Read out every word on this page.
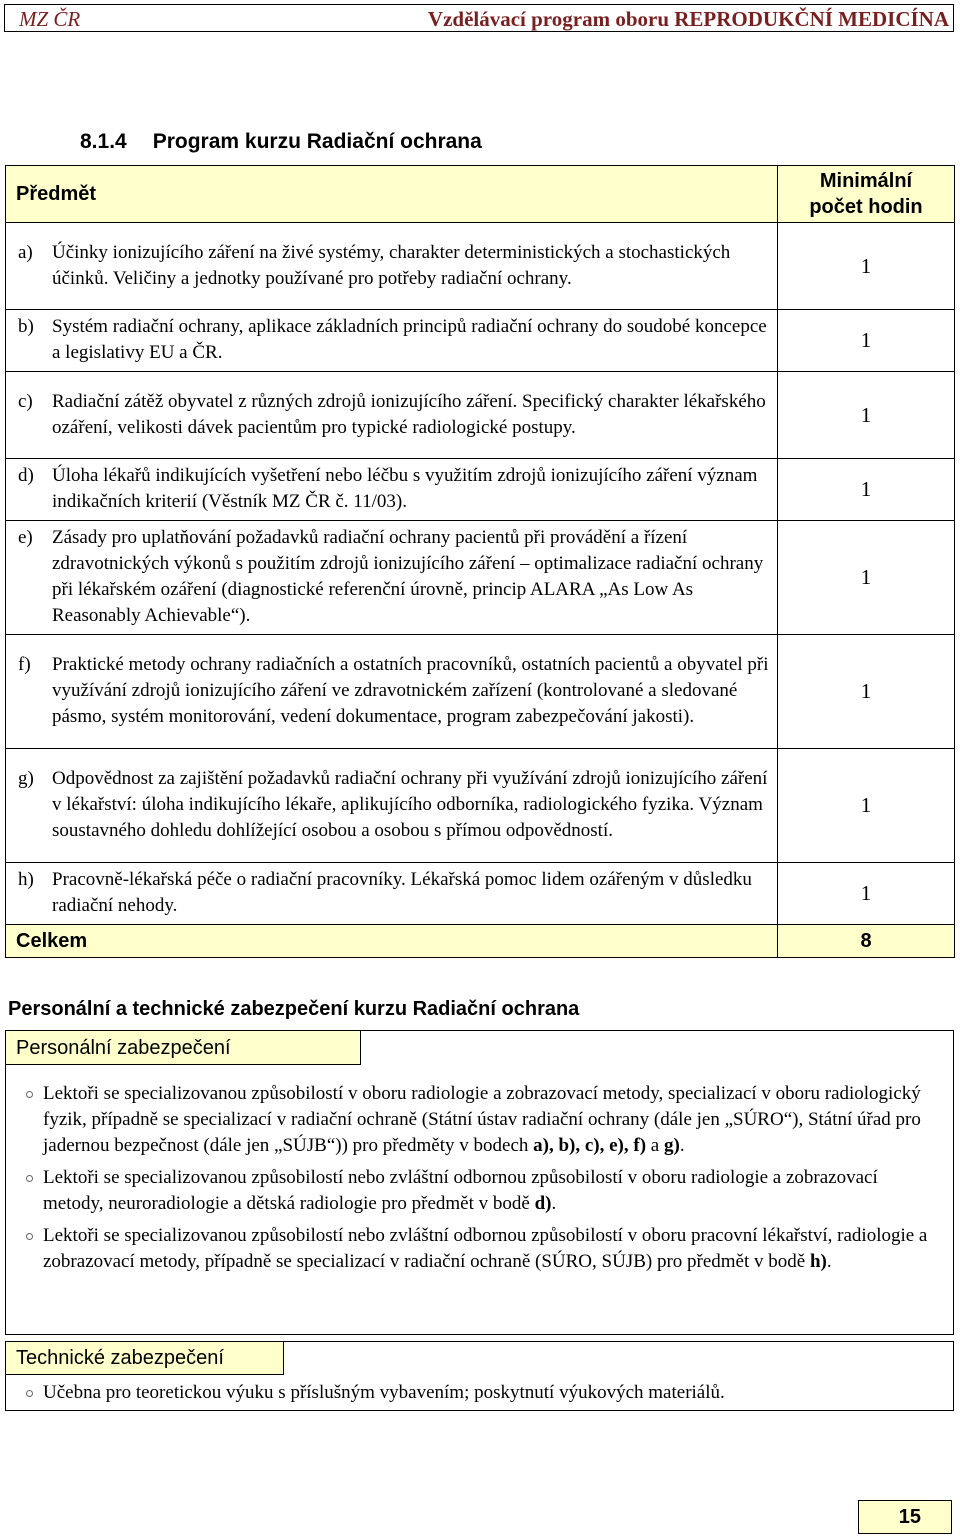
MZ ČR	Vzdělávací program oboru REPRODUKČNÍ MEDICÍNA
8.1.4 Program kurzu Radiační ochrana
Předmět	Minimální
počet hodin

a) Účinky ionizujícího záření na živé systémy, charakter deterministických a stochastických účinků. Veličiny a jednotky používané pro potřeby radiační ochrany.	1

b) Systém radiační ochrany, aplikace základních principů radiační ochrany do soudobé koncepce a legislativy EU a ČR.	1

c) Radiační zátěž obyvatel z různých zdrojů ionizujícího záření. Specifický charakter lékařského ozáření, velikosti dávek pacientům pro typické radiologické postupy.	1

d) Úloha lékařů indikujících vyšetření nebo léčbu s využitím zdrojů ionizujícího záření význam indikačních kriterií (Věstník MZ ČR č. 11/03).	1

e) Zásady pro uplatňování požadavků radiační ochrany pacientů při provádění a řízení zdravotnických výkonů s použitím zdrojů ionizujícího záření – optimalizace radiační ochrany při lékařském ozáření (diagnostické referenční úrovně, princip ALARA „As Low As Reasonably Achievable“).	1

f) Praktické metody ochrany radiačních a ostatních pracovníků, ostatních pacientů a obyvatel při využívání zdrojů ionizujícího záření ve zdravotnickém zařízení (kontrolované a sledované pásmo, systém monitorování, vedení dokumentace, program zabezpečování jakosti).	1

g) Odpovědnost za zajištění požadavků radiační ochrany při využívání zdrojů ionizujícího záření v lékařství: úloha indikujícího lékaře, aplikujícího odborníka, radiologického fyzika. Význam soustavného dohledu dohlížející osobou a osobou s přímou odpovědností.	1

h) Pracovně-lékařská péče o radiační pracovníky. Lékařská pomoc lidem ozářeným v důsledku radiační nehody.	1
Celkem	8
Personální a technické zabezpečení kurzu Radiační ochrana
Personální zabezpečení
Lektoři se specializovanou způsobilostí v oboru radiologie a zobrazovací metody, specializací v oboru radiologický fyzik, případně se specializací v radiační ochraně (Státní ústav radiační ochrany (dále jen „SÚRO“), Státní úřad pro jadernou bezpečnost (dále jen „SÚJB“)) pro předměty v bodech a), b), c), e), f) a g).
Lektoři se specializovanou způsobilostí nebo zvláštní odbornou způsobilostí v oboru radiologie a zobrazovací metody, neuroradiologie a dětská radiologie pro předmět v bodě d).
Lektoři se specializovanou způsobilostí nebo zvláštní odbornou způsobilostí v oboru pracovní lékařství, radiologie a zobrazovací metody, případně se specializací v radiační ochraně (SÚRO, SÚJB) pro předmět v bodě h).
Technické zabezpečení
Učebna pro teoretickou výuku s příslušným vybavením; poskytnutí výukových materiálů.
15
